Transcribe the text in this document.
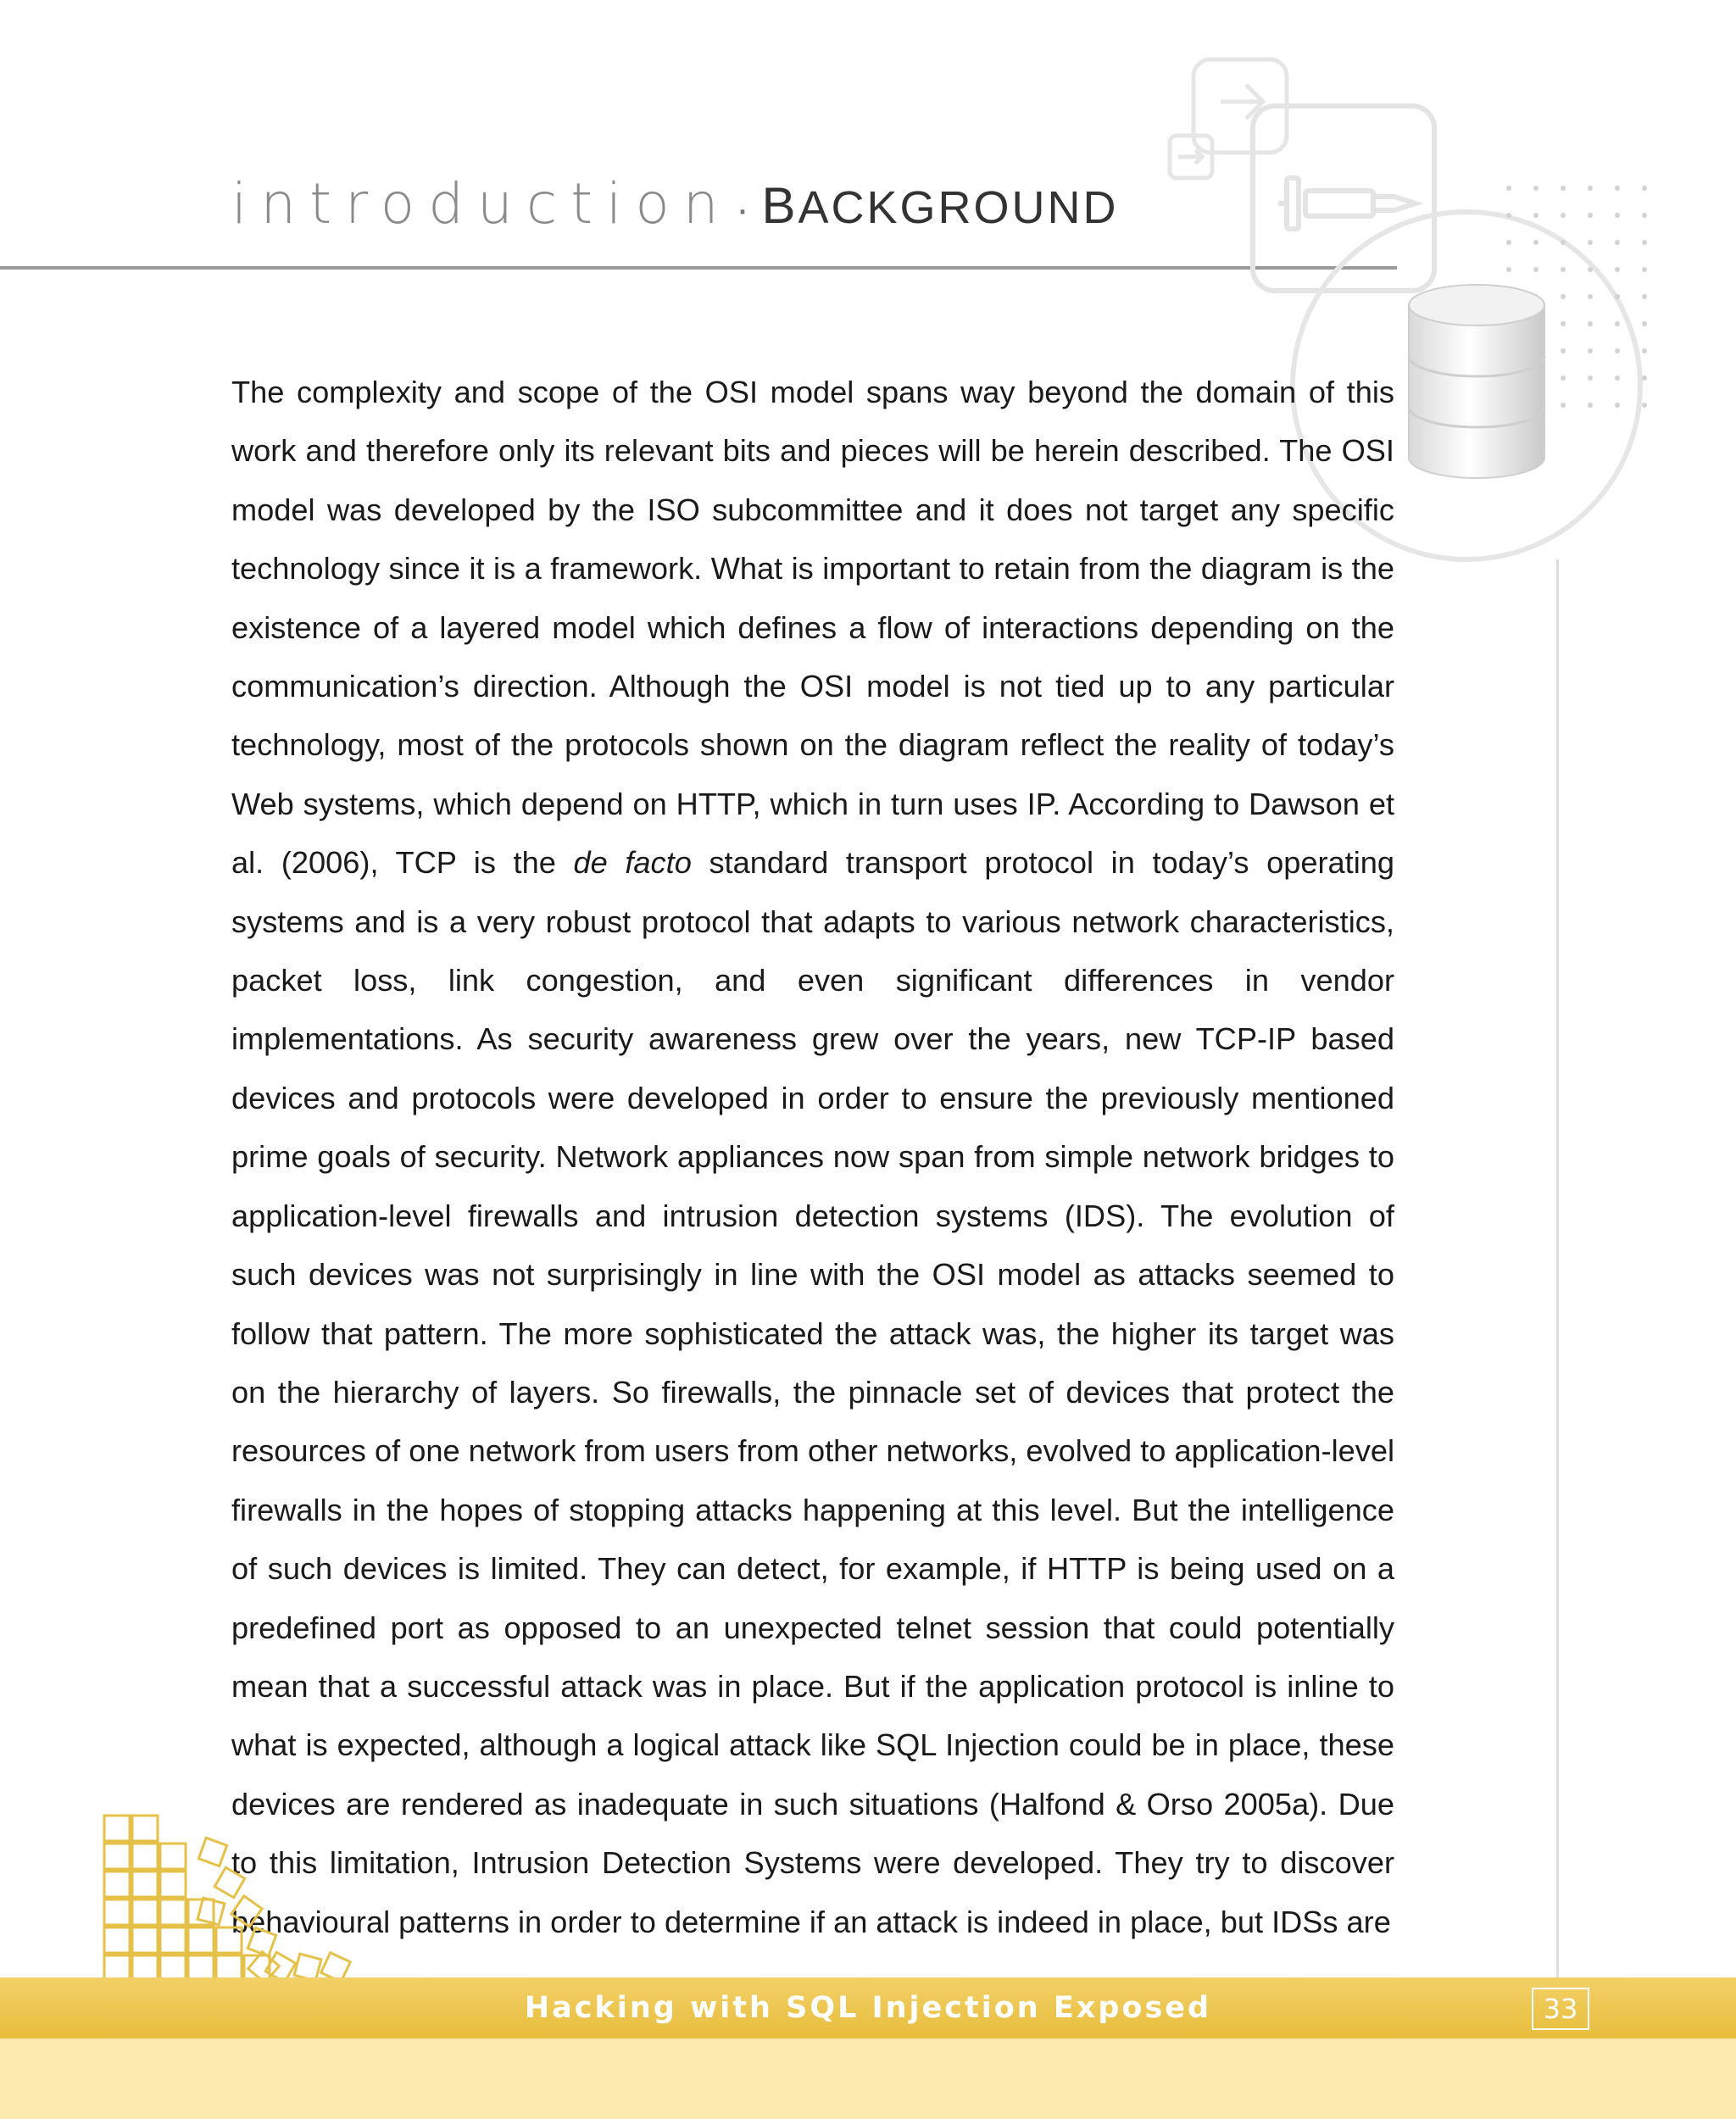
introduction · BACKGROUND
The complexity and scope of the OSI model spans way beyond the domain of this work and therefore only its relevant bits and pieces will be herein described. The OSI model was developed by the ISO subcommittee and it does not target any specific technology since it is a framework. What is important to retain from the diagram is the existence of a layered model which defines a flow of interactions depending on the communication’s direction. Although the OSI model is not tied up to any particular technology, most of the protocols shown on the diagram reflect the reality of today’s Web systems, which depend on HTTP, which in turn uses IP. According to Dawson et al. (2006), TCP is the de facto standard transport protocol in today’s operating systems and is a very robust protocol that adapts to various network characteristics, packet loss, link congestion, and even significant differences in vendor implementations. As security awareness grew over the years, new TCP-IP based devices and protocols were developed in order to ensure the previously mentioned prime goals of security. Network appliances now span from simple network bridges to application-level firewalls and intrusion detection systems (IDS). The evolution of such devices was not surprisingly in line with the OSI model as attacks seemed to follow that pattern. The more sophisticated the attack was, the higher its target was on the hierarchy of layers. So firewalls, the pinnacle set of devices that protect the resources of one network from users from other networks, evolved to application-level firewalls in the hopes of stopping attacks happening at this level. But the intelligence of such devices is limited. They can detect, for example, if HTTP is being used on a predefined port as opposed to an unexpected telnet session that could potentially mean that a successful attack was in place. But if the application protocol is inline to what is expected, although a logical attack like SQL Injection could be in place, these devices are rendered as inadequate in such situations (Halfond & Orso 2005a). Due to this limitation, Intrusion Detection Systems were developed. They try to discover behavioural patterns in order to determine if an attack is indeed in place, but IDSs are
Hacking with SQL Injection Exposed	33
